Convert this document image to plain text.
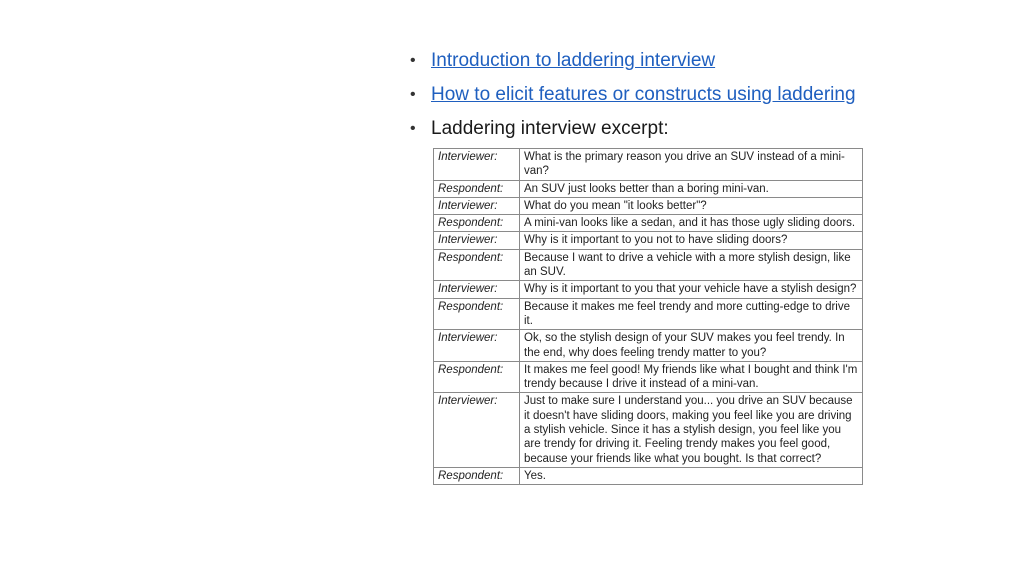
• Introduction to laddering interview
• How to elicit features or constructs using laddering
• Laddering interview excerpt:
Interviewer:	What is the primary reason you drive an SUV instead of a mini-van?
Respondent:	An SUV just looks better than a boring mini-van.
Interviewer:	What do you mean "it looks better"?
Respondent:	A mini-van looks like a sedan, and it has those ugly sliding doors.
Interviewer:	Why is it important to you not to have sliding doors?
Respondent:	Because I want to drive a vehicle with a more stylish design, like an SUV.
Interviewer:	Why is it important to you that your vehicle have a stylish design?
Respondent:	Because it makes me feel trendy and more cutting-edge to drive it.
Interviewer:	Ok, so the stylish design of your SUV makes you feel trendy. In the end, why does feeling trendy matter to you?
Respondent:	It makes me feel good! My friends like what I bought and think I'm trendy because I drive it instead of a mini-van.
Interviewer:	Just to make sure I understand you... you drive an SUV because it doesn't have sliding doors, making you feel like you are driving a stylish vehicle. Since it has a stylish design, you feel like you are trendy for driving it. Feeling trendy makes you feel good, because your friends like what you bought. Is that correct?
Respondent:	Yes.
